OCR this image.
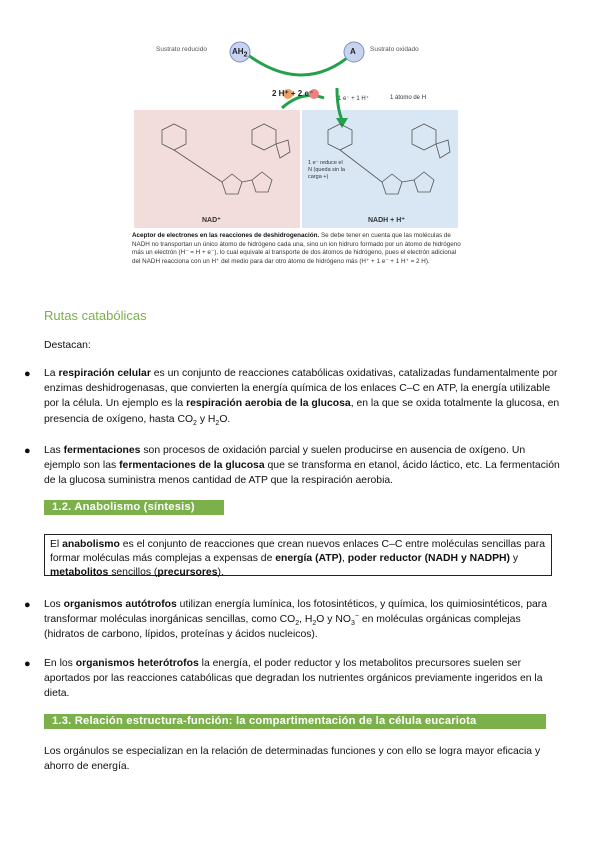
Sustrato reducido	$AH_2$	A Sustrato oxidado
2 H⁺ + 2 e⁻
1 e⁻ + 1 H⁺	1 átomo de H
1 e⁻ reduce el N (queda sin la carga +)
NAD⁺	NADH + H⁺
Aceptor de electrones en las reacciones de deshidrogenación. Se debe tener en cuenta que las moléculas de NADH no transportan un único átomo de hidrógeno cada una, sino un ion hidruro formado por un átomo de hidrógeno más un electrón (H⁻ = H + e⁻), lo cual equivale al transporte de dos átomos de hidrógeno, pues el electrón adicional del NADH reacciona con un H⁺ del medio para dar otro átomo de hidrógeno más (H⁺ + 1 e⁻ + 1 H⁺ = 2 H).
Rutas catabólicas
Destacan:
● La respiración celular es un conjunto de reacciones catabólicas oxidativas, catalizadas fundamentalmente por enzimas deshidrogenasas, que convierten la energía química de los enlaces C–C en ATP, la energía utilizable por la célula. Un ejemplo es la respiración aerobia de la glucosa, en la que se oxida totalmente la glucosa, en presencia de oxígeno, hasta $CO_2$ y $H_2O$.
● Las fermentaciones son procesos de oxidación parcial y suelen producirse en ausencia de oxígeno. Un ejemplo son las fermentaciones de la glucosa que se transforma en etanol, ácido láctico, etc. La fermentación de la glucosa suministra menos cantidad de ATP que la respiración aerobia.
1.2. Anabolismo (síntesis)
El anabolismo es el conjunto de reacciones que crean nuevos enlaces C–C entre moléculas sencillas para formar moléculas más complejas a expensas de energía (ATP), poder reductor (NADH y NADPH) y metabolitos sencillos (precursores).
● Los organismos autótrofos utilizan energía lumínica, los fotosintéticos, y química, los quimiosintéticos, para transformar moléculas inorgánicas sencillas, como $CO_2$, $H_2O$ y $NO_3^-$ en moléculas orgánicas complejas (hidratos de carbono, lípidos, proteínas y ácidos nucleicos).
● En los organismos heterótrofos la energía, el poder reductor y los metabolitos precursores suelen ser aportados por las reacciones catabólicas que degradan los nutrientes orgánicos previamente ingeridos en la dieta.
1.3. Relación estructura-función: la compartimentación de la célula eucariota
Los orgánulos se especializan en la relación de determinadas funciones y con ello se logra mayor eficacia y ahorro de energía.
